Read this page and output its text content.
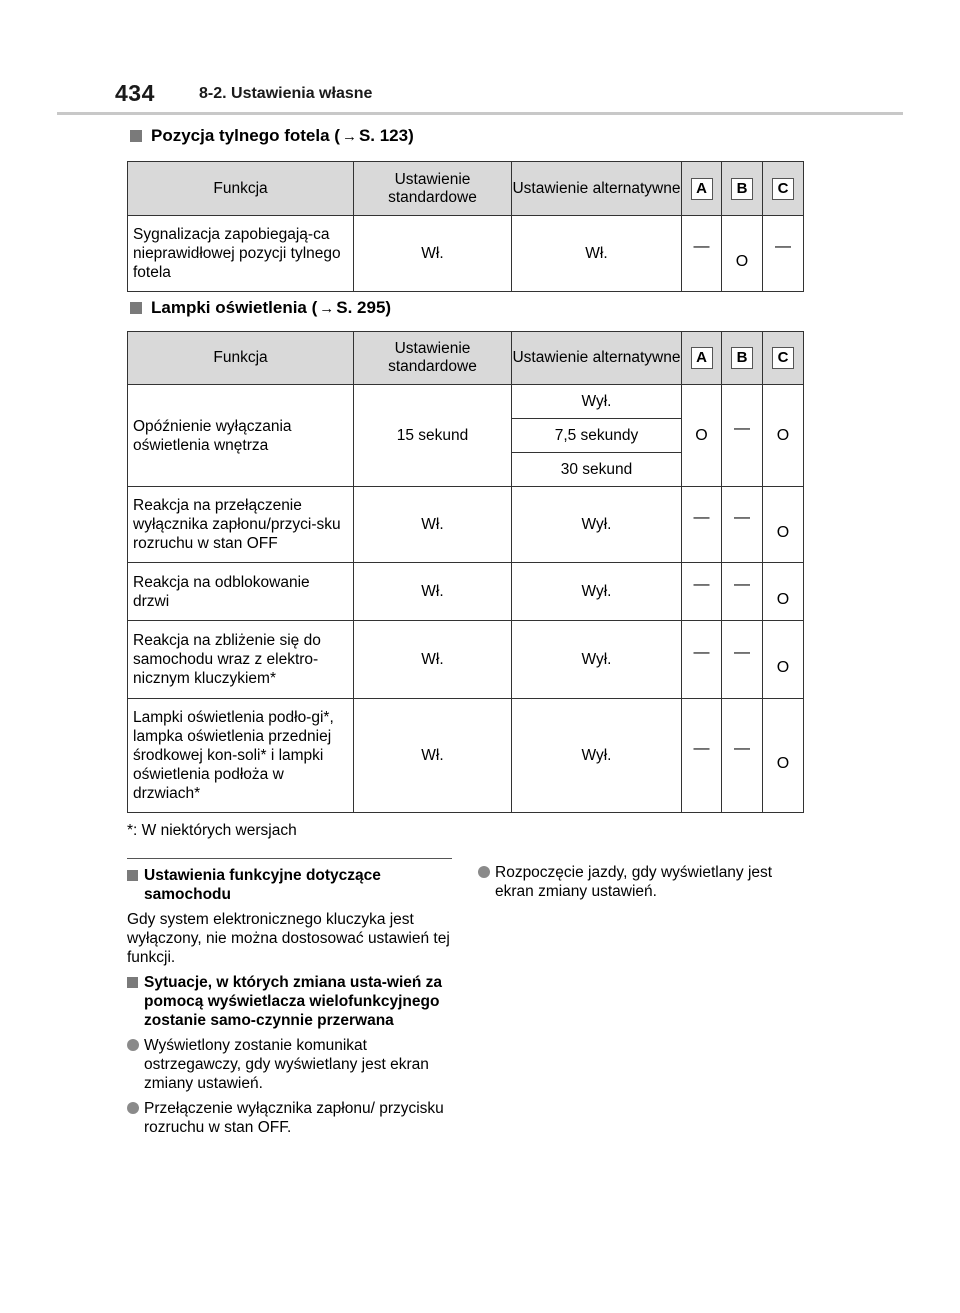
434	8-2. Ustawienia własne
Pozycja tylnego fotela ( → S. 123)
Funkcja	Ustawienie standardowe	Ustawienie alternatywne	A	B	C
Sygnalizacja zapobiegają-ca nieprawidłowej pozycji tylnego fotela	Wł.	Wł.	—	O	—
Lampki oświetlenia ( → S. 295)
Funkcja	Ustawienie standardowe	Ustawienie alternatywne	A	B	C
Opóźnienie wyłączania oświetlenia wnętrza	15 sekund	Wył.	O	—	O
		7,5 sekundy			
		30 sekund			
Reakcja na przełączenie wyłącznika zapłonu/przyci-sku rozruchu w stan OFF	Wł.	Wył.	—	—	O
Reakcja na odblokowanie drzwi	Wł.	Wył.	—	—	O
Reakcja na zbliżenie się do samochodu wraz z elektro-nicznym kluczykiem*	Wł.	Wył.	—	—	O
Lampki oświetlenia podło-gi*, lampka oświetlenia przedniej środkowej kon-soli* i lampki oświetlenia podłoża w drzwiach*	Wł.	Wył.	—	—	O
*: W niektórych wersjach
Ustawienia funkcyjne dotyczące samochodu

Gdy system elektronicznego kluczyka jest wyłączony, nie można dostosować ustawień tej funkcji.

Sytuacje, w których zmiana usta-wień za pomocą wyświetlacza wielofunkcyjnego zostanie samo-czynnie przerwana
Wyświetlony zostanie komunikat ostrzegawczy, gdy wyświetlany jest ekran zmiany ustawień.
Przełączenie wyłącznika zapłonu/ przycisku rozruchu w stan OFF.
Rozpoczęcie jazdy, gdy wyświetlany jest ekran zmiany ustawień.
